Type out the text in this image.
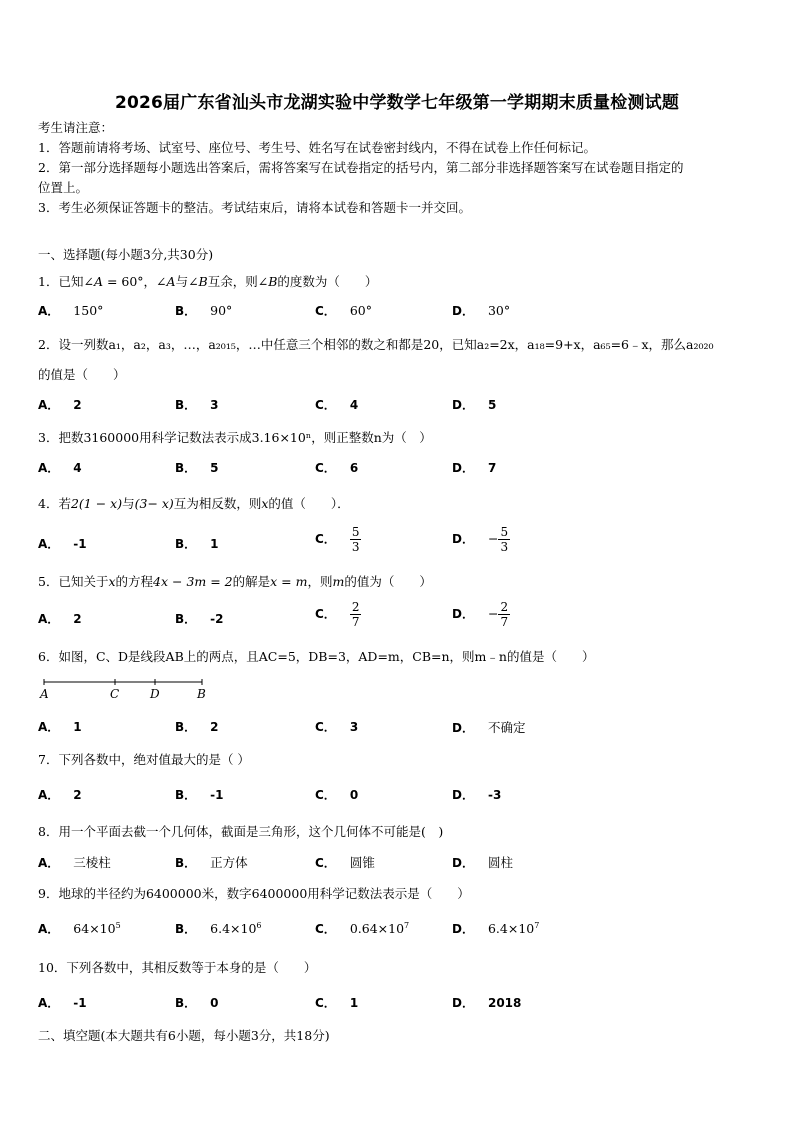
2026届广东省汕头市龙湖实验中学数学七年级第一学期期末质量检测试题
考生请注意：
1．答题前请将考场、试室号、座位号、考生号、姓名写在试卷密封线内，不得在试卷上作任何标记。
2．第一部分选择题每小题选出答案后，需将答案写在试卷指定的括号内，第二部分非选择题答案写在试卷题目指定的
位置上。
3．考生必须保证答题卡的整洁。考试结束后，请将本试卷和答题卡一并交回。
一、选择题(每小题3分,共30分)
1．已知∠A = 60°，∠A与∠B互余，则∠B的度数为（　　）
A． 150°	B． 90°	C． 60°	D． 30°
2．设一列数a₁，a₂，a₃，…，a₂₀₁₅，…中任意三个相邻的数之和都是20，已知a₂=2x，a₁₈=9+x，a₆₅=6﹣x，那么a₂₀₂₀
的值是（　　）
A． 2	B． 3	C． 4	D． 5
3．把数3160000用科学记数法表示成3.16×10ⁿ，则正整数n为（　）
A． 4	B． 5	C． 6	D． 7
4．若2(1 − x)与(3− x)互为相反数，则x的值（　　）．
A． -1	B． 1	C． $\frac{5}{3}$	D． − $\frac{5}{3}$
5．已知关于x的方程4x − 3m = 2的解是x = m，则m的值为（　　）
A． 2	B． -2	C． $\frac{2}{7}$	D． − $\frac{2}{7}$
6．如图，C、D是线段AB上的两点，且AC=5，DB=3，AD=m，CB=n，则m﹣n的值是（　　）
A	C	D	B
A． 1	B． 2	C． 3	D． 不确定
7．下列各数中，绝对值最大的是（ ）
A． 2	B． -1	C． 0	D． -3
8．用一个平面去截一个几何体，截面是三角形，这个几何体不可能是(　)
A． 三棱柱	B． 正方体	C． 圆锥	D． 圆柱
9．地球的半径约为6400000米，数字6400000用科学记数法表示是（　　）
A． $64\times 10^5$	B． $6.4\times 10^6$	C． $0.64\times 10^7$	D． $6.4\times 10^7$
10．下列各数中，其相反数等于本身的是（　　）
A． -1	B． 0	C． 1	D． 2018
二、填空题(本大题共有6小题，每小题3分，共18分)
